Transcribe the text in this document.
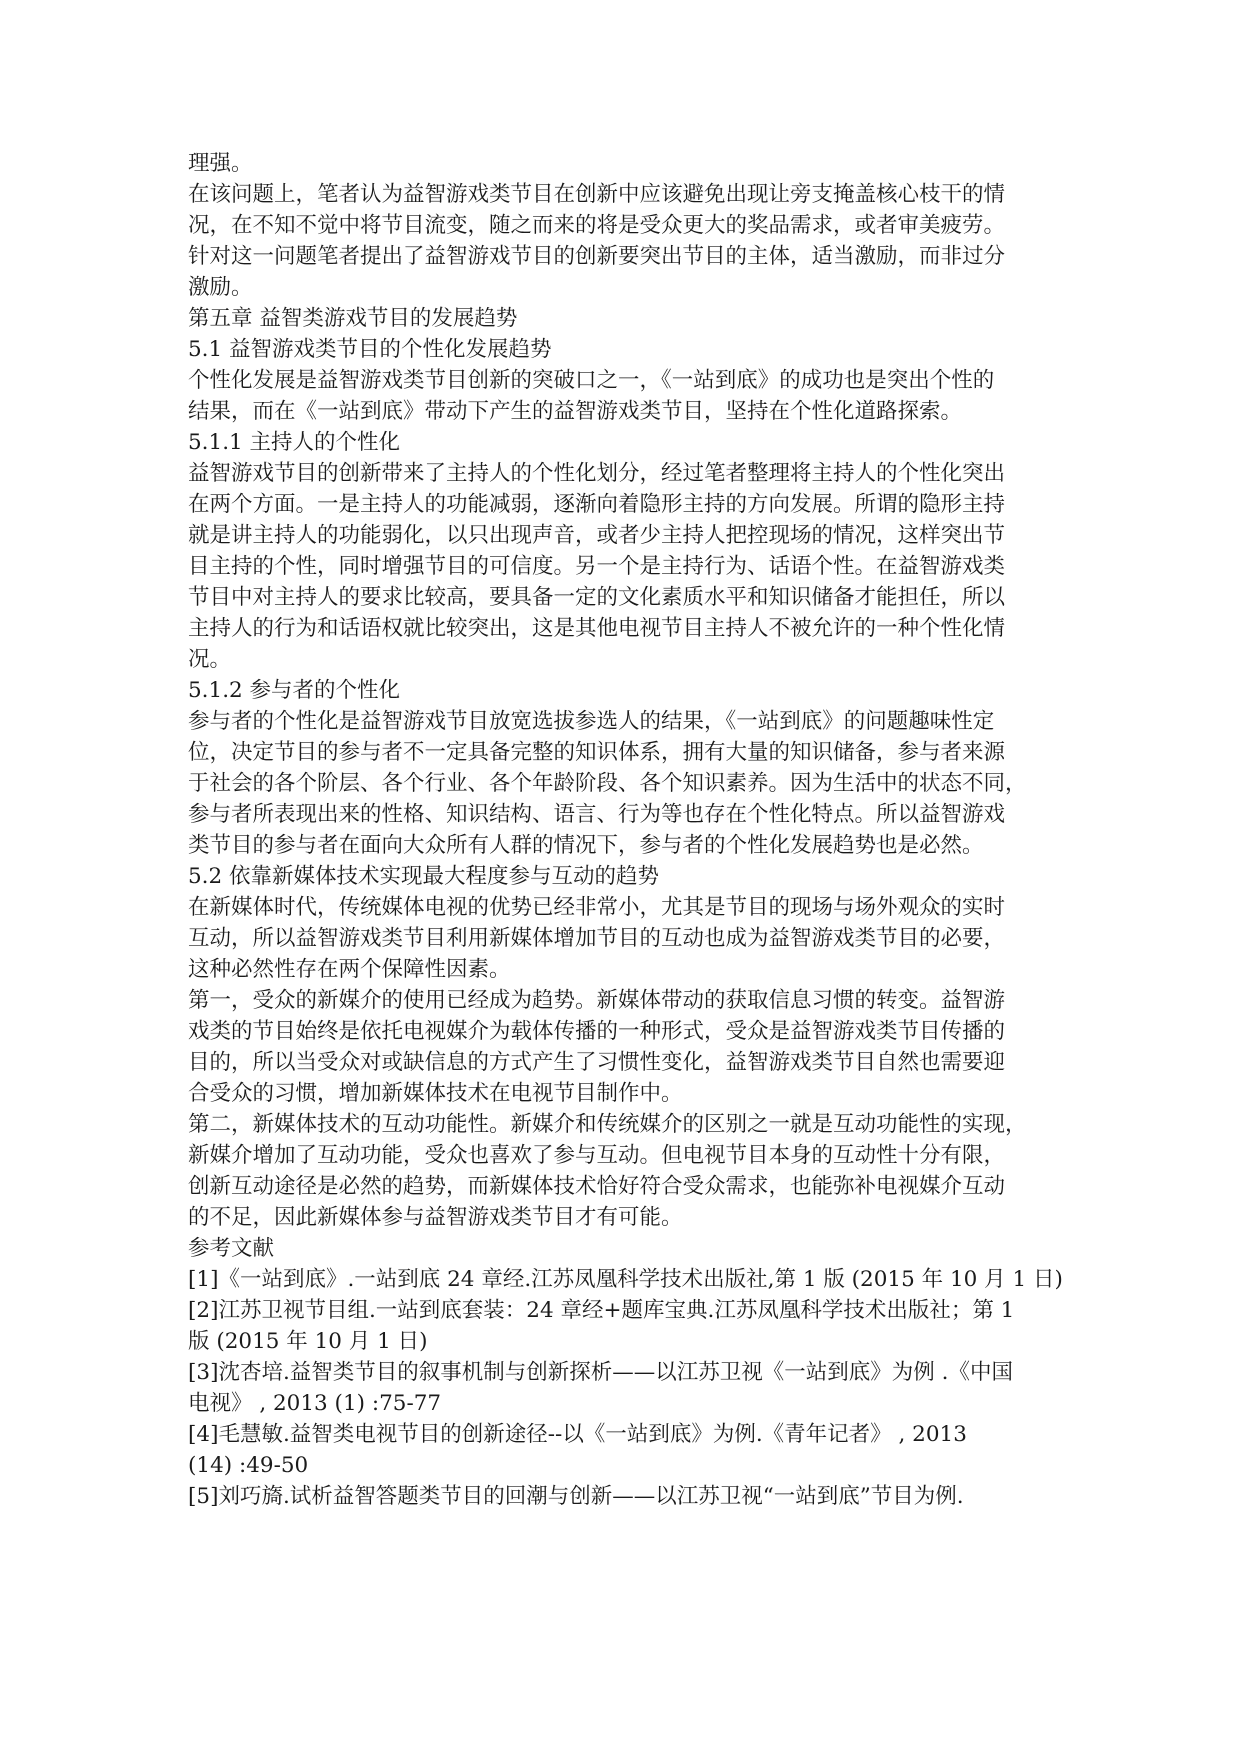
理强。
在该问题上，笔者认为益智游戏类节目在创新中应该避免出现让旁支掩盖核心枝干的情
况，在不知不觉中将节目流变，随之而来的将是受众更大的奖品需求，或者审美疲劳。
针对这一问题笔者提出了益智游戏节目的创新要突出节目的主体，适当激励，而非过分
激励。
第五章 益智类游戏节目的发展趋势
5.1 益智游戏类节目的个性化发展趋势
个性化发展是益智游戏类节目创新的突破口之一，《一站到底》的成功也是突出个性的
结果，而在《一站到底》带动下产生的益智游戏类节目，坚持在个性化道路探索。
5.1.1 主持人的个性化
益智游戏节目的创新带来了主持人的个性化划分，经过笔者整理将主持人的个性化突出
在两个方面。一是主持人的功能减弱，逐渐向着隐形主持的方向发展。所谓的隐形主持
就是讲主持人的功能弱化，以只出现声音，或者少主持人把控现场的情况，这样突出节
目主持的个性，同时增强节目的可信度。另一个是主持行为、话语个性。在益智游戏类
节目中对主持人的要求比较高，要具备一定的文化素质水平和知识储备才能担任，所以
主持人的行为和话语权就比较突出，这是其他电视节目主持人不被允许的一种个性化情
况。
5.1.2 参与者的个性化
参与者的个性化是益智游戏节目放宽选拔参选人的结果，《一站到底》的问题趣味性定
位，决定节目的参与者不一定具备完整的知识体系，拥有大量的知识储备，参与者来源
于社会的各个阶层、各个行业、各个年龄阶段、各个知识素养。因为生活中的状态不同，
参与者所表现出来的性格、知识结构、语言、行为等也存在个性化特点。所以益智游戏
类节目的参与者在面向大众所有人群的情况下，参与者的个性化发展趋势也是必然。
5.2 依靠新媒体技术实现最大程度参与互动的趋势
在新媒体时代，传统媒体电视的优势已经非常小，尤其是节目的现场与场外观众的实时
互动，所以益智游戏类节目利用新媒体增加节目的互动也成为益智游戏类节目的必要，
这种必然性存在两个保障性因素。
第一，受众的新媒介的使用已经成为趋势。新媒体带动的获取信息习惯的转变。益智游
戏类的节目始终是依托电视媒介为载体传播的一种形式，受众是益智游戏类节目传播的
目的，所以当受众对或缺信息的方式产生了习惯性变化，益智游戏类节目自然也需要迎
合受众的习惯，增加新媒体技术在电视节目制作中。
第二，新媒体技术的互动功能性。新媒介和传统媒介的区别之一就是互动功能性的实现，
新媒介增加了互动功能，受众也喜欢了参与互动。但电视节目本身的互动性十分有限，
创新互动途径是必然的趋势，而新媒体技术恰好符合受众需求，也能弥补电视媒介互动
的不足，因此新媒体参与益智游戏类节目才有可能。
参考文献
[1]《一站到底》.一站到底 24 章经.江苏凤凰科学技术出版社,第 1 版 (2015 年 10 月 1 日)
[2]江苏卫视节目组.一站到底套装：24 章经+题库宝典.江苏凤凰科学技术出版社；第 1
版 (2015 年 10 月 1 日)
[3]沈杏培.益智类节目的叙事机制与创新探析——以江苏卫视《一站到底》为例 .《中国
电视》 , 2013 (1) :75-77
[4]毛慧敏.益智类电视节目的创新途径--以《一站到底》为例.《青年记者》 , 2013
(14) :49-50
[5]刘巧旖.试析益智答题类节目的回潮与创新——以江苏卫视“一站到底”节目为例.
